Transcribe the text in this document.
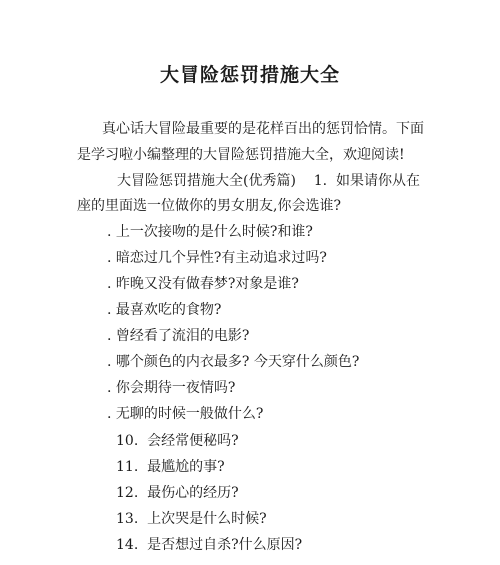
大冒险惩罚措施大全
真心话大冒险最重要的是花样百出的惩罚恰情。下面
是学习啦小编整理的大冒险惩罚措施大全，欢迎阅读!
大冒险惩罚措施大全(优秀篇)    1.  如果请你从在
座的里面选一位做你的男女朋友,你会选谁?
. 上一次接吻的是什么时候?和谁?
. 暗恋过几个异性?有主动追求过吗?
. 昨晚又没有做春梦?对象是谁?
. 最喜欢吃的食物?
. 曾经看了流泪的电影?
. 哪个颜色的内衣最多? 今天穿什么颜色?
. 你会期待一夜情吗?
. 无聊的时候一般做什么?
10.  会经常便秘吗?
11.  最尴尬的事?
12.  最伤心的经历?
13.  上次哭是什么时候?
14.  是否想过自杀?什么原因?
